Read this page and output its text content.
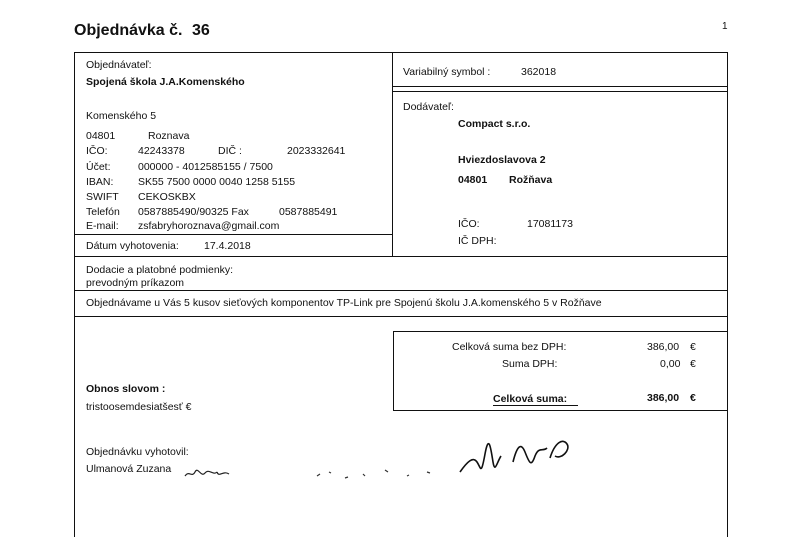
Objednávka č. 36	1
Objednávateľ:
Spojená škola J.A.Komenského
Komenského 5
04801	Roznava
IČO:	42243378	DIČ :	2023332641
Účet:	000000 - 4012585155 / 7500
IBAN: SK55 7500 0000 0040 1258 5155
SWIFT CEKOSKBX
Telefón 0587885490/90325 Fax	0587885491
E-mail: zsfabryhoroznava@gmail.com
Dátum vyhotovenia: 17.4.2018
Variabilný symbol :	362018
Dodávateľ:
Compact s.r.o.
Hviezdoslavova 2
04801 Rožňava
IČO:	17081173
IČ DPH:
Dodacie a platobné podmienky:
prevodným príkazom
Objednávame u Vás 5 kusov sieťových komponentov TP-Link pre Spojenú školu J.A.komenského 5 v Rožňave
Celková suma bez DPH:	386,00 €
Suma DPH:	0,00 €
Celková suma:	386,00 €
Obnos slovom :
tristoosemdesiatšesť €
Objednávku vyhotovil:
Ulmanová Zuzana
